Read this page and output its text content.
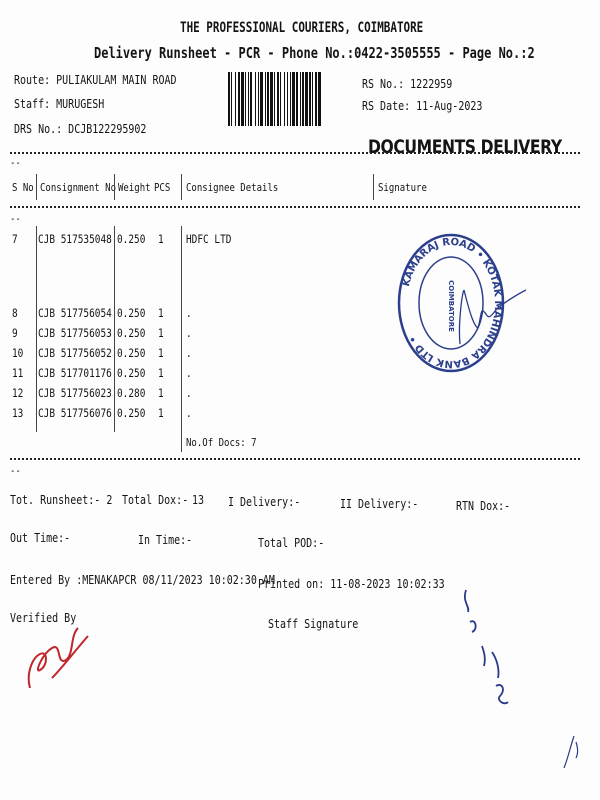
THE PROFESSIONAL COURIERS, COIMBATORE
Delivery Runsheet - PCR - Phone No.:0422-3505555 - Page No.:2
Route: PULIAKULAM MAIN ROAD
Staff: MURUGESH
DRS No.: DCJB122295902
RS No.: 1222959
RS Date: 11-Aug-2023
DOCUMENTS DELIVERY
--
S No Consignment No Weight PCS Consignee Details	Signature
--
7 CJB 517535048 0.250 1 HDFC LTD
8 CJB 517756054 0.250 1 .
9 CJB 517756053 0.250 1 .
10 CJB 517756052 0.250 1 .
11 CJB 517701176 0.250 1 .
12 CJB 517756023 0.280 1 .
13 CJB 517756076 0.250 1 .
No.Of Docs: 7
--
Tot. Runsheet:- 2 Total Dox:- 13 I Delivery:-	II Delivery:-	RTN Dox:-
Out Time:-	In Time:-	Total POD:-
Entered By :MENAKAPCR 08/11/2023 10:02:30 AM
Printed on: 11-08-2023 10:02:33
Verified By	Staff Signature
KAMARAJ ROAD • KOTAK MAHINDRA BANK LTD •
COIMBATORE
